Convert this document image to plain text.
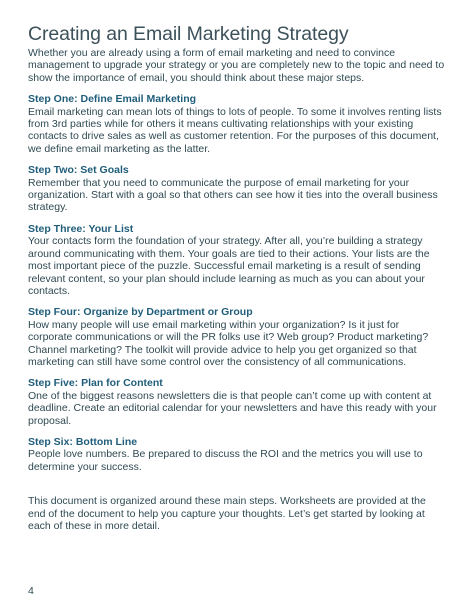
Creating an Email Marketing Strategy

Whether you are already using a form of email marketing and need to convince management to upgrade your strategy or you are completely new to the topic and need to show the importance of email, you should think about these major steps.

Step One: Define Email Marketing

Email marketing can mean lots of things to lots of people. To some it involves renting lists from 3rd parties while for others it means cultivating relationships with your existing contacts to drive sales as well as customer retention. For the purposes of this document, we define email marketing as the latter.

Step Two: Set Goals

Remember that you need to communicate the purpose of email marketing for your organization. Start with a goal so that others can see how it ties into the overall business strategy.

Step Three: Your List

Your contacts form the foundation of your strategy. After all, you’re building a strategy around communicating with them. Your goals are tied to their actions. Your lists are the most important piece of the puzzle. Successful email marketing is a result of sending relevant content, so your plan should include learning as much as you can about your contacts.

Step Four: Organize by Department or Group

How many people will use email marketing within your organization? Is it just for corporate communications or will the PR folks use it? Web group? Product marketing? Channel marketing? The toolkit will provide advice to help you get organized so that marketing can still have some control over the consistency of all communications.

Step Five: Plan for Content

One of the biggest reasons newsletters die is that people can’t come up with content at deadline. Create an editorial calendar for your newsletters and have this ready with your proposal.

Step Six: Bottom Line

People love numbers. Be prepared to discuss the ROI and the metrics you will use to determine your success.

This document is organized around these main steps. Worksheets are provided at the end of the document to help you capture your thoughts. Let’s get started by looking at each of these in more detail.

4
